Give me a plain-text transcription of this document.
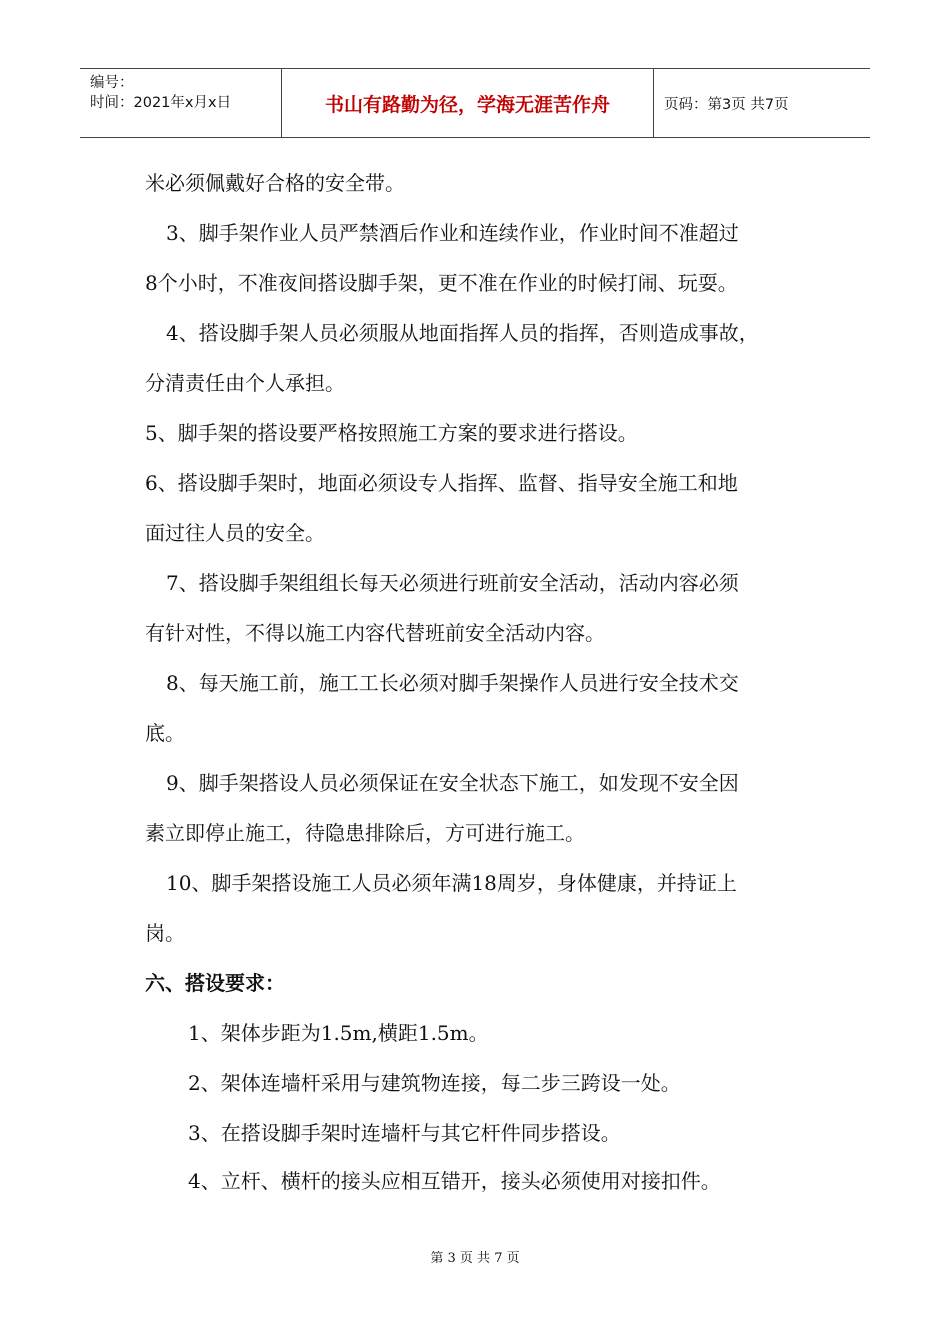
编号：
时间：2021年x月x日	书山有路勤为径，学海无涯苦作舟	页码：第3页 共7页
米必须佩戴好合格的安全带。
3、脚手架作业人员严禁酒后作业和连续作业，作业时间不准超过
8个小时，不准夜间搭设脚手架，更不准在作业的时候打闹、玩耍。
4、搭设脚手架人员必须服从地面指挥人员的指挥，否则造成事故，
分清责任由个人承担。
5、脚手架的搭设要严格按照施工方案的要求进行搭设。
6、搭设脚手架时，地面必须设专人指挥、监督、指导安全施工和地
面过往人员的安全。
7、搭设脚手架组组长每天必须进行班前安全活动，活动内容必须
有针对性，不得以施工内容代替班前安全活动内容。
8、每天施工前，施工工长必须对脚手架操作人员进行安全技术交
底。
9、脚手架搭设人员必须保证在安全状态下施工，如发现不安全因
素立即停止施工，待隐患排除后，方可进行施工。
10、脚手架搭设施工人员必须年满18周岁，身体健康，并持证上
岗。
六、搭设要求：
1、架体步距为1.5m,横距1.5m。
2、架体连墙杆采用与建筑物连接，每二步三跨设一处。
3、在搭设脚手架时连墙杆与其它杆件同步搭设。
4、立杆、横杆的接头应相互错开，接头必须使用对接扣件。
第 3 页 共 7 页
